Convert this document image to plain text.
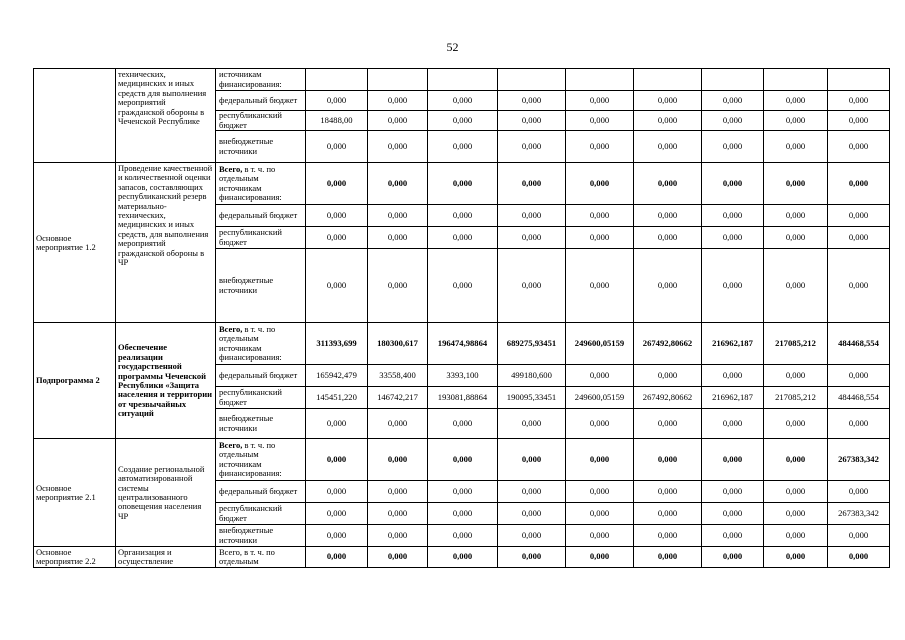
52
	технических, медицинских и иных средств для выполнения мероприятий гражданской обороны в Чеченской Республике	источникам финансирования:									
		федеральный бюджет	0,000	0,000	0,000	0,000	0,000	0,000	0,000	0,000	0,000
		республиканский бюджет	18488,00	0,000	0,000	0,000	0,000	0,000	0,000	0,000	0,000
		внебюджетные источники	0,000	0,000	0,000	0,000	0,000	0,000	0,000	0,000	0,000
Основное мероприятие 1.2	Проведение качественной и количественной оценки запасов, составляющих республиканский резерв материально-технических, медицинских и иных средств, для выполнения мероприятий гражданской обороны в ЧР	Всего, в т. ч. по отдельным источникам финансирования:	0,000	0,000	0,000	0,000	0,000	0,000	0,000	0,000	0,000
		федеральный бюджет	0,000	0,000	0,000	0,000	0,000	0,000	0,000	0,000	0,000
		республиканский бюджет	0,000	0,000	0,000	0,000	0,000	0,000	0,000	0,000	0,000
		внебюджетные источники	0,000	0,000	0,000	0,000	0,000	0,000	0,000	0,000	0,000
Подпрограмма 2	Обеспечение реализации государственной программы Чеченской Республики «Защита населения и территории от чрезвычайных ситуаций	Всего, в т. ч. по отдельным источникам финансирования:	311393,699	180300,617	196474,98864	689275,93451	249600,05159	267492,80662	216962,187	217085,212	484468,554
		федеральный бюджет	165942,479	33558,400	3393,100	499180,600	0,000	0,000	0,000	0,000	0,000
		республиканский бюджет	145451,220	146742,217	193081,88864	190095,33451	249600,05159	267492,80662	216962,187	217085,212	484468,554
		внебюджетные источники	0,000	0,000	0,000	0,000	0,000	0,000	0,000	0,000	0,000
Основное мероприятие 2.1	Создание региональной автоматизированной системы централизованного оповещения населения ЧР	Всего, в т. ч. по отдельным источникам финансирования:	0,000	0,000	0,000	0,000	0,000	0,000	0,000	0,000	267383,342
		федеральный бюджет	0,000	0,000	0,000	0,000	0,000	0,000	0,000	0,000	0,000
		республиканский бюджет	0,000	0,000	0,000	0,000	0,000	0,000	0,000	0,000	267383,342
		внебюджетные источники	0,000	0,000	0,000	0,000	0,000	0,000	0,000	0,000	0,000
Основное мероприятие 2.2	Организация и осуществление	Всего, в т. ч. по отдельным	0,000	0,000	0,000	0,000	0,000	0,000	0,000	0,000	0,000
